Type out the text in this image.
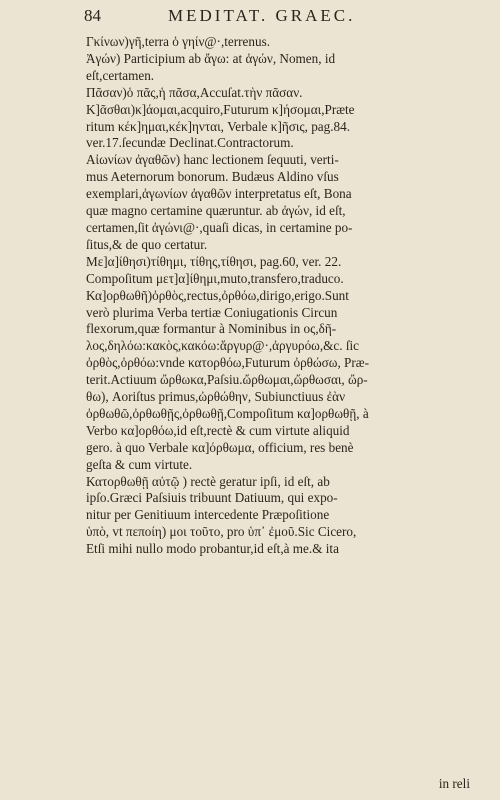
84	MEDITAT. GRAEC.
Γκίνων)γῆ,terra ὁ γηίν@·,terrenus.
Ἀγών) Participium ab ἄγω: at ἀγών, Nomen, id
eſt,certamen.
Πᾶσαν)ὁ πᾶς,ἡ πᾶσα,Accuſat.τὴν πᾶσαν.
Κ]ᾶσθαι)κ]άομαι,acquiro,Futurum κ]ήσομαι,Præte
ritum κέκ]ημαι,κέκ]ηνται, Verbale κ]ῆσις, pag.84.
ver.17.ſecundæ Declinat.Contractorum.
Αἰωνίων ἀγαθῶν) hanc lectionem ſequuti, verti-
mus Aeternorum bonorum. Budæus Aldino vſus
exemplari,ἀγωνίων ἀγαθῶν interpretatus eſt, Bona
quæ magno certamine quæruntur. ab ἀγών, id eſt,
certamen,ſit ἀγώνι@·,quaſi dicas, in certamine po-
ſitus,& de quo certatur.
Με]α]ίθησι)τίθημι, τίθης,τίθησι, pag.60, ver. 22.
Compoſitum μετ]α]ίθημι,muto,transfero,traduco.
Κα]ορθωθῆ)ὀρθὸς,rectus,ὀρθόω,dirigo,erigo.Sunt
verò plurima Verba tertiæ Coniugationis Circun
flexorum,quæ formantur à Nominibus in ος,δῆ-
λος,δηλόω:κακὸς,κακόω:ἄργυρ@·,ἀργυρόω,&c. ſic
ὀρθὸς,ὀρθόω:vnde κατορθόω,Futurum ὀρθώσω, Præ-
terit.Actiuum ὤρθωκα,Paſsiu.ὤρθωμαι,ὤρθωσαι, ὤρ-
θω), Aoriſtus primus,ὠρθώθην, Subiunctiuus ἐὰν
ὀρθωθῶ,ὀρθωθῇς,ὀρθωθῇ,Compoſitum κα]ορθωθῇ, à
Verbo κα]ορθόω,id eſt,rectè & cum virtute aliquid
gero. à quo Verbale κα]όρθωμα, officium, res benè
geſta & cum virtute.
Κατορθωθῇ αὐτῷ ) rectè geratur ipſi, id eſt, ab
ipſo.Græci Paſsiuis tribuunt Datiuum, qui expo-
nitur per Genitiuum intercedente Præpoſitione
ὑπὸ, vt πεποίη) μοι τοῦτο, pro ὑπ᾽ ἐμοῦ.Sic Cicero,
Etſi mihi nullo modo probantur,id eſt,à me.& ita
in reli
